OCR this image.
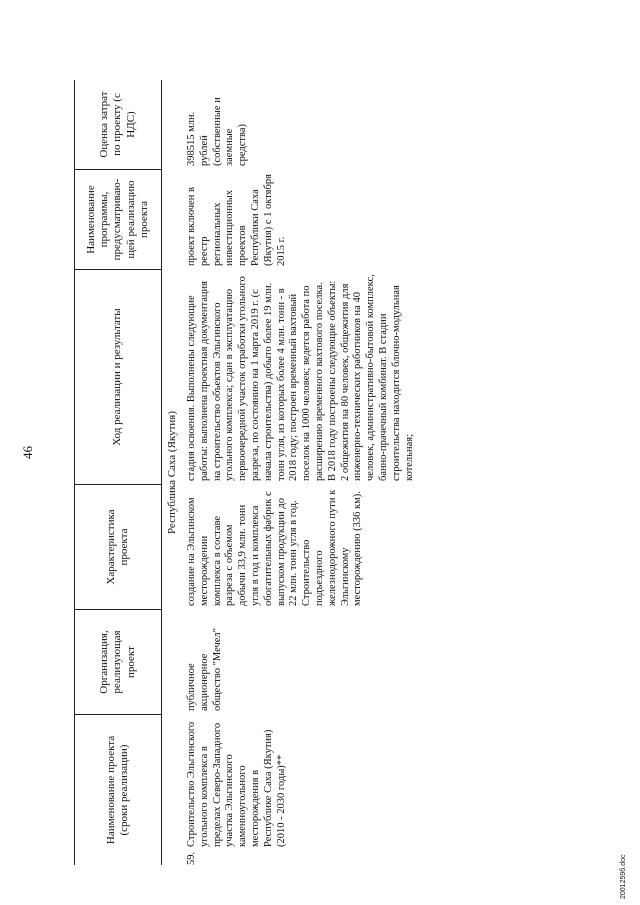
46
Наименование проекта (сроки реализации)
Организация, реализующая проект
Характеристика проекта
Ход реализации и результаты
Наименование программы, предусматриваю-щей реализацию проекта
Оценка затрат по проекту (с НДС)
Республика Саха (Якутия)
59.
Строительство Эльгинского угольного комплекса в пределах Северо-Западного участка Эльгинского каменноугольного месторождения в Республике Саха (Якутия) (2010 - 2030 годы)**
публичное акционерное общество "Мечел"
создание на Эльгинском месторождении комплекса в составе разреза с объемом добычи 33,9 млн. тонн угля в год и комплекса обогатительных фабрик с выпуском продукции до 22 млн. тонн угля в год. Строительство подъездного железнодорожного пути к Эльгинскому месторождению (336 км).
стадия освоения. Выполнены следующие работы: выполнена проектная документация на строительство объектов Эльгинского угольного комплекса; сдан в эксплуатацию первоочередной участок отработки угольного разреза, по состоянию на 1 марта 2019 г. (с начала строительства) добыто более 19 млн. тонн угля, из которых более 4 млн. тонн - в 2018 году; построен временный вахтовый поселок на 1000 человек; ведется работа по расширению временного вахтового поселка. В 2018 году построены следующие объекты: 2 общежития на 80 человек, общежития для инженерно-технических работников на 40 человек, административно-бытовой комплекс, банно-прачечный комбинат. В стадии строительства находится блочно-модульная котельная;
проект включен в реестр региональных инвестиционных проектов Республики Саха (Якутия) с 1 октября 2015 г.
398515 млн. рублей (собственные и заемные средства)
2001259б.doc
